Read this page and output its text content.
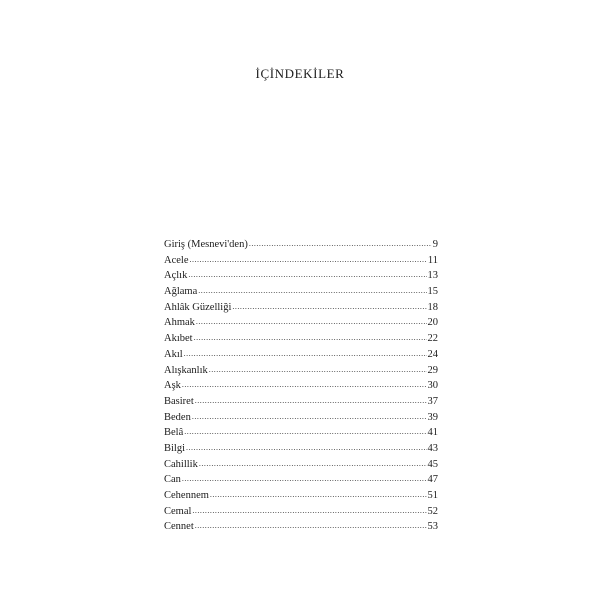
İÇİNDEKİLER
Giriş (Mesnevi'den) .....	9
Acele .....	11
Açlık .....	13
Ağlama .....	15
Ahlâk Güzelliği .....	18
Ahmak .....	20
Akıbet .....	22
Akıl .....	24
Alışkanlık .....	29
Aşk .....	30
Basiret .....	37
Beden .....	39
Belâ .....	41
Bilgi .....	43
Cahillik .....	45
Can .....	47
Cehennem .....	51
Cemal .....	52
Cennet .....	53
